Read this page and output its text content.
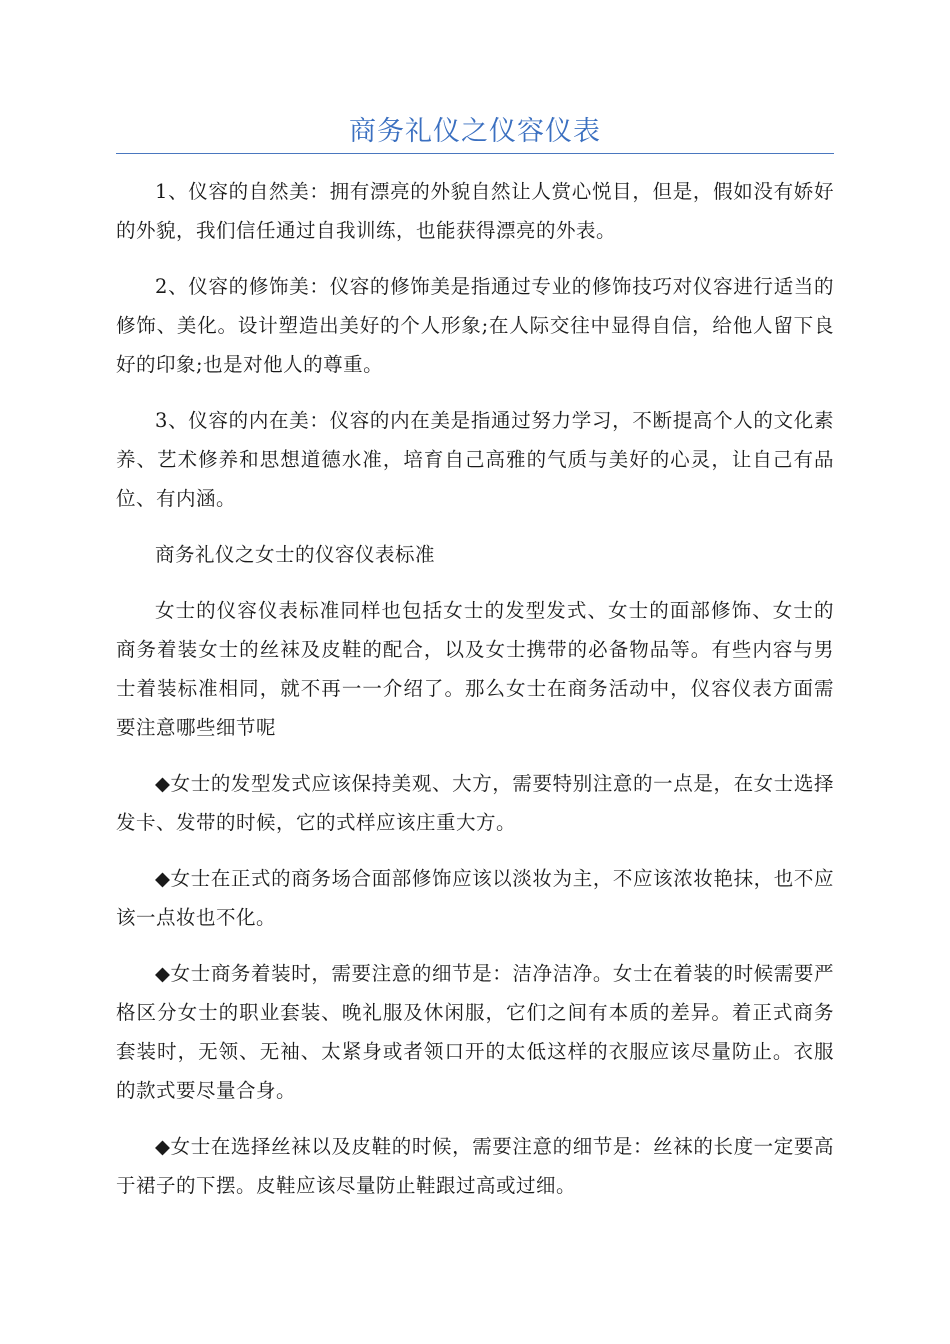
商务礼仪之仪容仪表

1、仪容的自然美：拥有漂亮的外貌自然让人赏心悦目，但是，假如没有娇好的外貌，我们信任通过自我训练，也能获得漂亮的外表。

2、仪容的修饰美：仪容的修饰美是指通过专业的修饰技巧对仪容进行适当的修饰、美化。设计塑造出美好的个人形象;在人际交往中显得自信，给他人留下良好的印象;也是对他人的尊重。

3、仪容的内在美：仪容的内在美是指通过努力学习，不断提高个人的文化素养、艺术修养和思想道德水准，培育自己高雅的气质与美好的心灵，让自己有品位、有内涵。

商务礼仪之女士的仪容仪表标准

女士的仪容仪表标准同样也包括女士的发型发式、女士的面部修饰、女士的商务着装女士的丝袜及皮鞋的配合，以及女士携带的必备物品等。有些内容与男士着装标准相同，就不再一一介绍了。那么女士在商务活动中，仪容仪表方面需要注意哪些细节呢

◆女士的发型发式应该保持美观、大方，需要特别注意的一点是，在女士选择发卡、发带的时候，它的式样应该庄重大方。

◆女士在正式的商务场合面部修饰应该以淡妆为主，不应该浓妆艳抹，也不应该一点妆也不化。

◆女士商务着装时，需要注意的细节是：洁净洁净。女士在着装的时候需要严格区分女士的职业套装、晚礼服及休闲服，它们之间有本质的差异。着正式商务套装时，无领、无袖、太紧身或者领口开的太低这样的衣服应该尽量防止。衣服的款式要尽量合身。

◆女士在选择丝袜以及皮鞋的时候，需要注意的细节是：丝袜的长度一定要高于裙子的下摆。皮鞋应该尽量防止鞋跟过高或过细。
